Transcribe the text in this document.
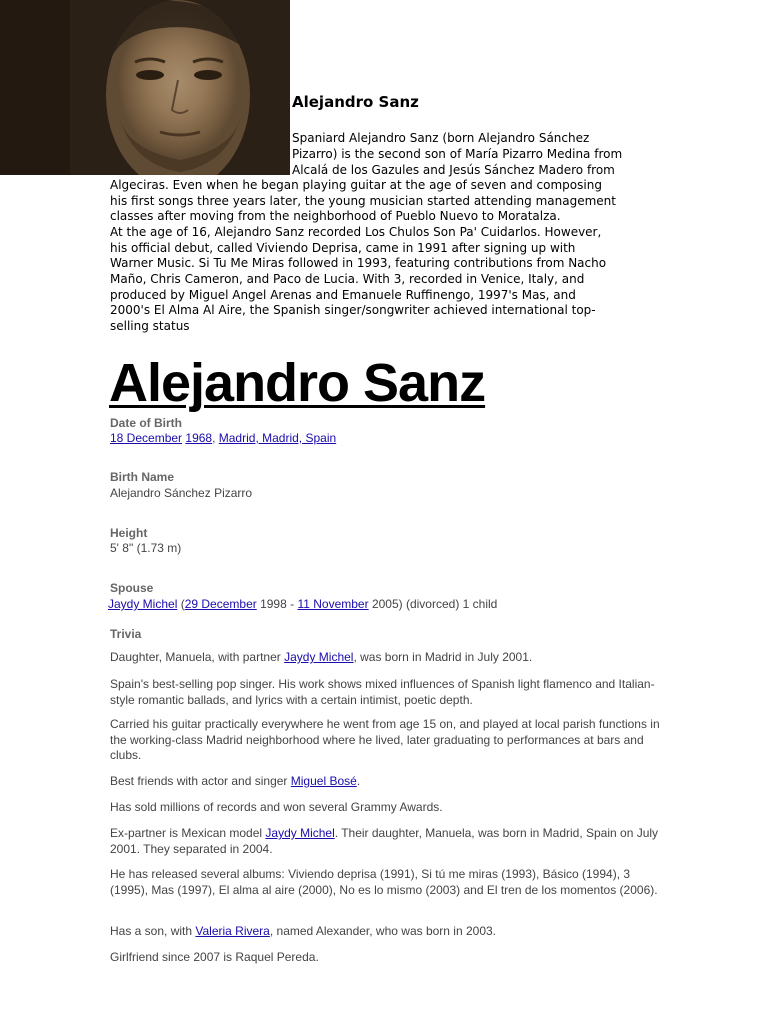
Alejandro Sanz

Spaniard Alejandro Sanz (born Alejandro Sánchez

Pizarro) is the second son of María Pizarro Medina from

Alcalá de los Gazules and Jesús Sánchez Madero from

Algeciras. Even when he began playing guitar at the age of seven and composing

his first songs three years later, the young musician started attending management

classes after moving from the neighborhood of Pueblo Nuevo to Moratalza.

At the age of 16, Alejandro Sanz recorded Los Chulos Son Pa' Cuidarlos. However,

his official debut, called Viviendo Deprisa, came in 1991 after signing up with

Warner Music. Si Tu Me Miras followed in 1993, featuring contributions from Nacho

Maño, Chris Cameron, and Paco de Lucia. With 3, recorded in Venice, Italy, and

produced by Miguel Angel Arenas and Emanuele Ruffinengo, 1997's Mas, and

2000's El Alma Al Aire, the Spanish singer/songwriter achieved international top-

selling status

Alejandro Sanz
Date of Birth
18 December 1968, Madrid, Madrid, Spain
Birth Name
Alejandro Sánchez Pizarro
Height
5' 8" (1.73 m)
Spouse
Jaydy Michel (29 December 1998 - 11 November 2005) (divorced) 1 child
Trivia

Daughter, Manuela, with partner Jaydy Michel, was born in Madrid in July 2001.

Spain's best-selling pop singer. His work shows mixed influences of Spanish light flamenco and Italian-style romantic ballads, and lyrics with a certain intimist, poetic depth.

Carried his guitar practically everywhere he went from age 15 on, and played at local parish functions in the working-class Madrid neighborhood where he lived, later graduating to performances at bars and clubs.

Best friends with actor and singer Miguel Bosé.

Has sold millions of records and won several Grammy Awards.

Ex-partner is Mexican model Jaydy Michel. Their daughter, Manuela, was born in Madrid, Spain on July 2001. They separated in 2004.

He has released several albums: Viviendo deprisa (1991), Si tú me miras (1993), Básico (1994), 3 (1995), Mas (1997), El alma al aire (2000), No es lo mismo (2003) and El tren de los momentos (2006).

Has a son, with Valeria Rivera, named Alexander, who was born in 2003.

Girlfriend since 2007 is Raquel Pereda.
